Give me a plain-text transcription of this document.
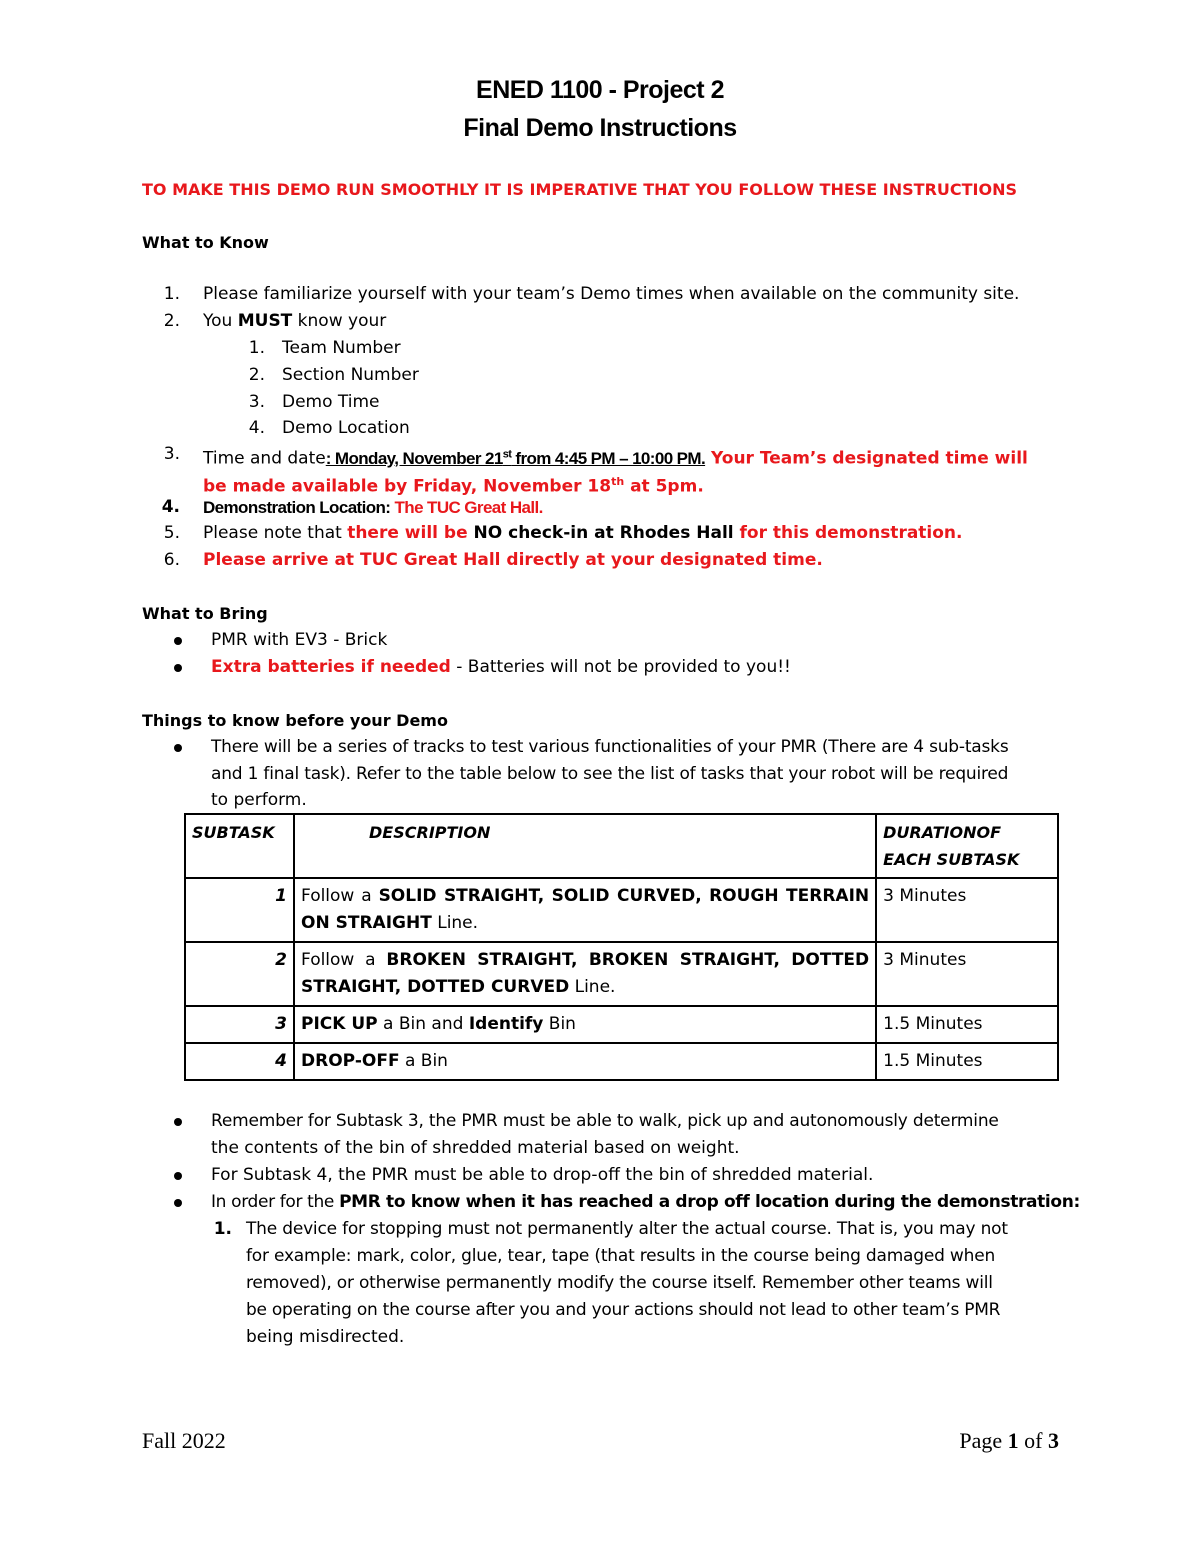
ENED 1100 - Project 2
Final Demo Instructions
TO MAKE THIS DEMO RUN SMOOTHLY IT IS IMPERATIVE THAT YOU FOLLOW THESE INSTRUCTIONS
What to Know
1. Please familiarize yourself with your team’s Demo times when available on the community site.
2. You MUST know your
1. Team Number
2. Section Number
3. Demo Time
4. Demo Location
3. Time and date: Monday, November 21st from 4:45 PM – 10:00 PM. Your Team’s designated time will
be made available by Friday, November 18th at 5pm.
4. Demonstration Location: The TUC Great Hall.
5. Please note that there will be NO check-in at Rhodes Hall for this demonstration.
6. Please arrive at TUC Great Hall directly at your designated time.
What to Bring
PMR with EV3 - Brick
Extra batteries if needed - Batteries will not be provided to you!!
Things to know before your Demo
There will be a series of tracks to test various functionalities of your PMR (There are 4 sub-tasks
and 1 final task). Refer to the table below to see the list of tasks that your robot will be required
to perform.
SUBTASK	DESCRIPTION	DURATION OF
EACH SUBTASK

1	Follow a SOLID STRAIGHT, SOLID CURVED, ROUGH TERRAIN ON STRAIGHT Line.	3 Minutes
2	Follow a BROKEN STRAIGHT, BROKEN STRAIGHT, DOTTED STRAIGHT, DOTTED CURVED Line.	3 Minutes
3	PICK UP a Bin and Identify Bin	1.5 Minutes
4	DROP-OFF a Bin	1.5 Minutes
Remember for Subtask 3, the PMR must be able to walk, pick up and autonomously determine
the contents of the bin of shredded material based on weight.
For Subtask 4, the PMR must be able to drop-off the bin of shredded material.
In order for the PMR to know when it has reached a drop off location during the demonstration:
1. The device for stopping must not permanently alter the actual course. That is, you may not
for example: mark, color, glue, tear, tape (that results in the course being damaged when
removed), or otherwise permanently modify the course itself. Remember other teams will
be operating on the course after you and your actions should not lead to other team’s PMR
being misdirected.
Fall 2022	Page 1 of 3
